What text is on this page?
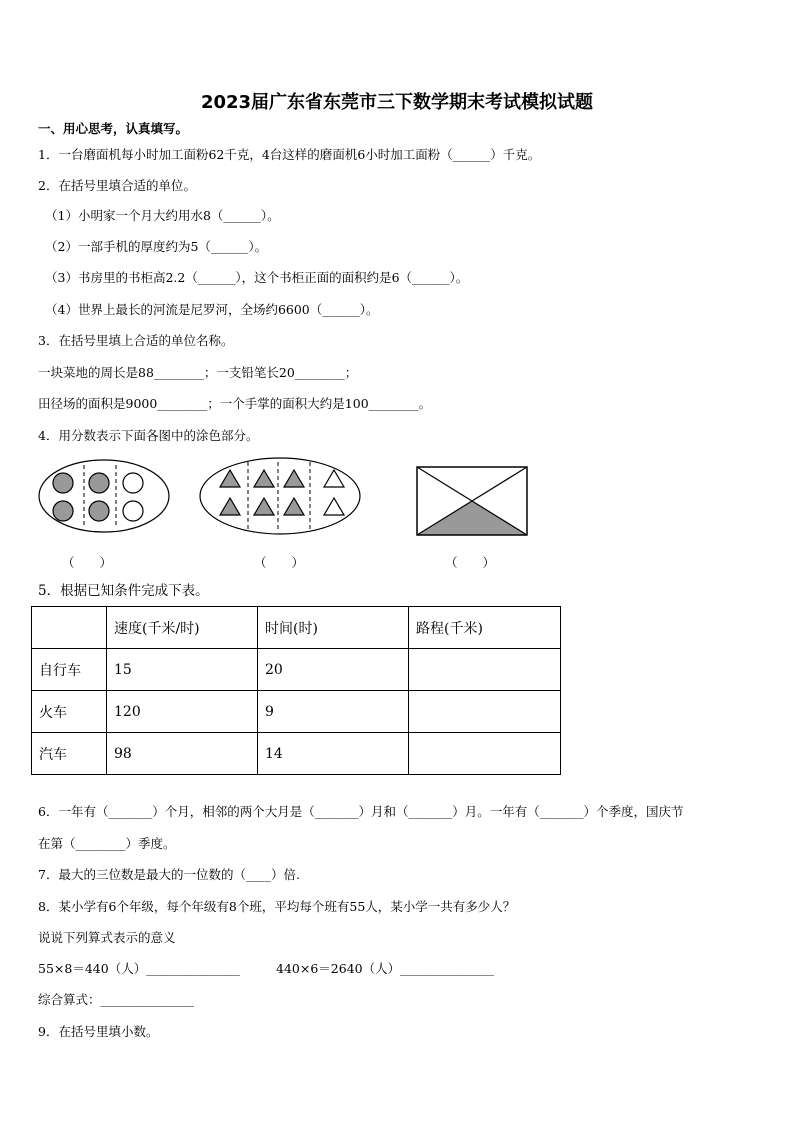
2023届广东省东莞市三下数学期末考试模拟试题
一、用心思考，认真填写。
1．一台磨面机每小时加工面粉62千克，4台这样的磨面机6小时加工面粉（______）千克。
2．在括号里填合适的单位。
（1）小明家一个月大约用水8（______）。
（2）一部手机的厚度约为5（______）。
（3）书房里的书柜高2.2（______），这个书柜正面的面积约是6（______）。
（4）世界上最长的河流是尼罗河，全场约6600（______）。
3．在括号里填上合适的单位名称。
一块菜地的周长是88________；一支铅笔长20________；
田径场的面积是9000________；一个手掌的面积大约是100________。
4．用分数表示下面各图中的涂色部分。
（　　）	（　　）	（　　）
5．根据已知条件完成下表。
	速度(千米/时)	时间(时)	路程(千米)
自行车	15	20	
火车	120	9	
汽车	98	14	
6．一年有（_______）个月，相邻的两个大月是（_______）月和（_______）月。一年有（_______）个季度，国庆节
在第（________）季度。
7．最大的三位数是最大的一位数的（____）倍.
8．某小学有6个年级，每个年级有8个班，平均每个班有55人，某小学一共有多少人？
说说下列算式表示的意义
55×8＝440（人）_______________	440×6＝2640（人）_______________
综合算式：_______________
9．在括号里填小数。
